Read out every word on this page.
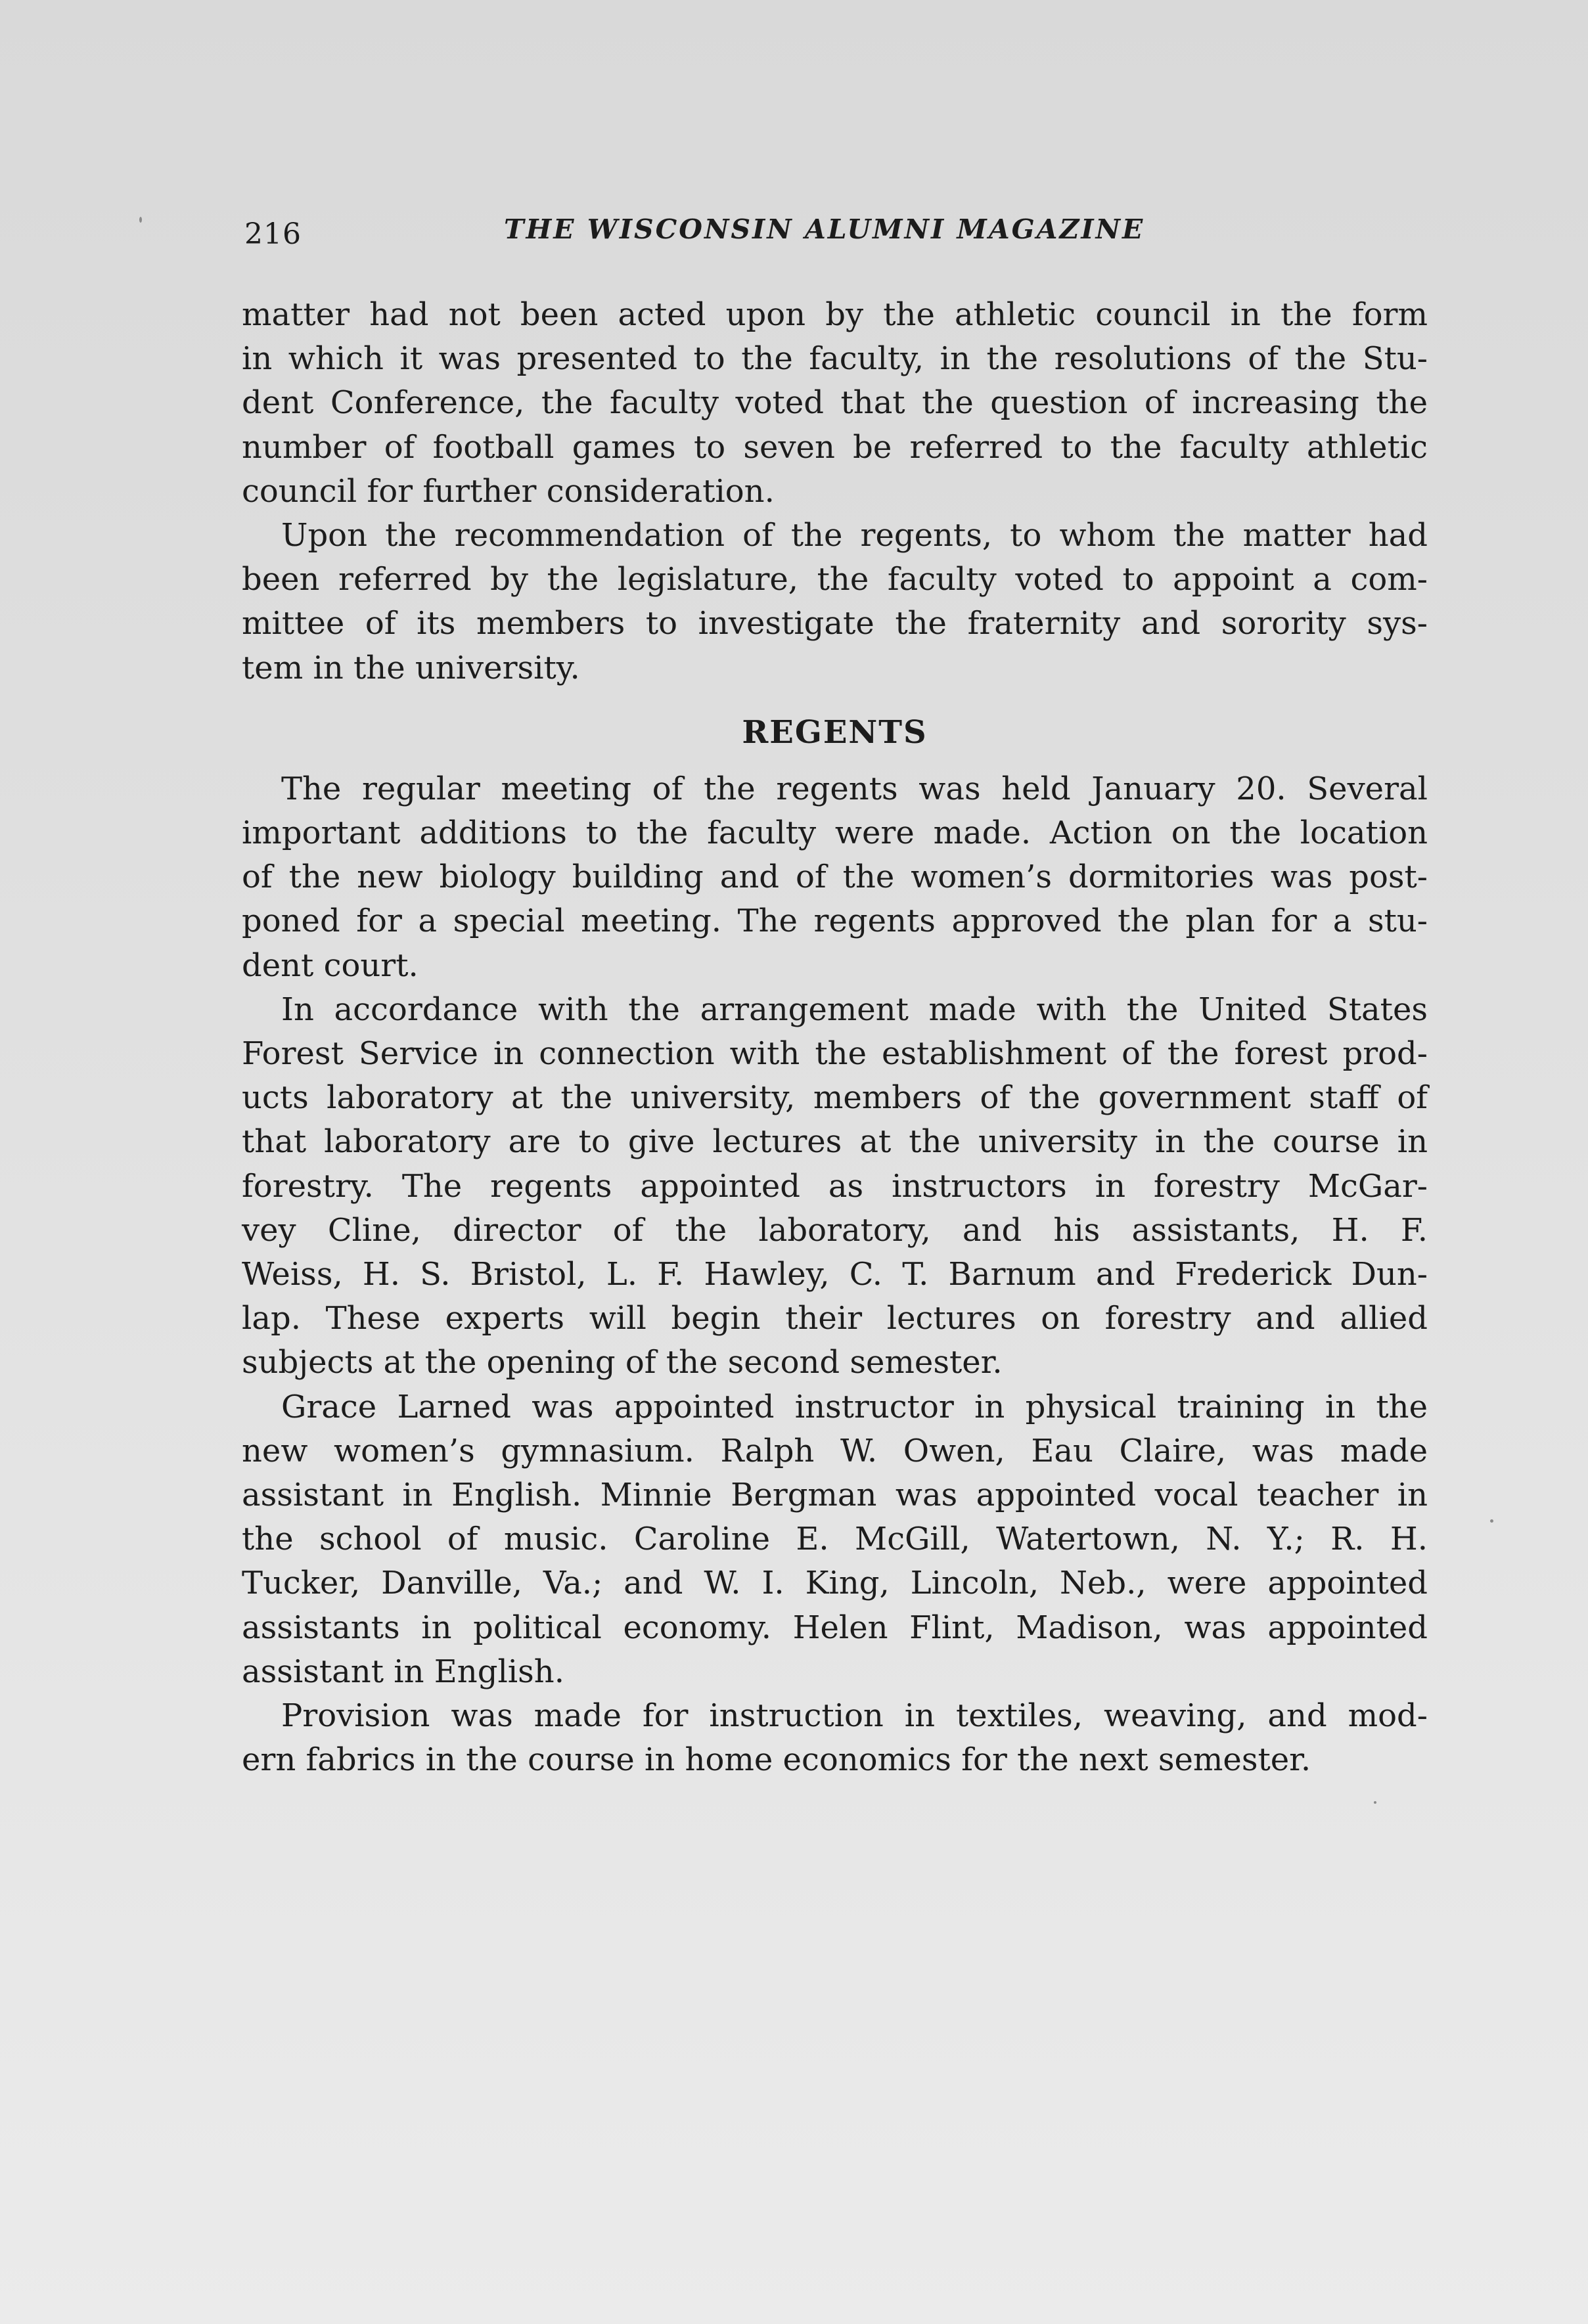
216	THE WISCONSIN ALUMNI MAGAZINE

matter had not been acted upon by the athletic council in the form
in which it was presented to the faculty, in the resolutions of the Stu-
dent Conference, the faculty voted that the question of increasing the
number of football games to seven be referred to the faculty athletic
council for further consideration.

Upon the recommendation of the regents, to whom the matter had
been referred by the legislature, the faculty voted to appoint a com-
mittee of its members to investigate the fraternity and sorority sys-
tem in the university.

REGENTS

The regular meeting of the regents was held January 20. Several
important additions to the faculty were made. Action on the location
of the new biology building and of the women’s dormitories was post-
poned for a special meeting. The regents approved the plan for a stu-
dent court.

In accordance with the arrangement made with the United States
Forest Service in connection with the establishment of the forest prod-
ucts laboratory at the university, members of the government staff of
that laboratory are to give lectures at the university in the course in
forestry. The regents appointed as instructors in forestry McGar-
vey Cline, director of the laboratory, and his assistants, H. F.
Weiss, H. S. Bristol, L. F. Hawley, C. T. Barnum and Frederick Dun-
lap. These experts will begin their lectures on forestry and allied
subjects at the opening of the second semester.

Grace Larned was appointed instructor in physical training in the
new women’s gymnasium. Ralph W. Owen, Eau Claire, was made
assistant in English. Minnie Bergman was appointed vocal teacher in
the school of music. Caroline E. McGill, Watertown, N. Y.; R. H.
Tucker, Danville, Va.; and W. I. King, Lincoln, Neb., were appointed
assistants in political economy. Helen Flint, Madison, was appointed
assistant in English.

Provision was made for instruction in textiles, weaving, and mod-
ern fabrics in the course in home economics for the next semester.
